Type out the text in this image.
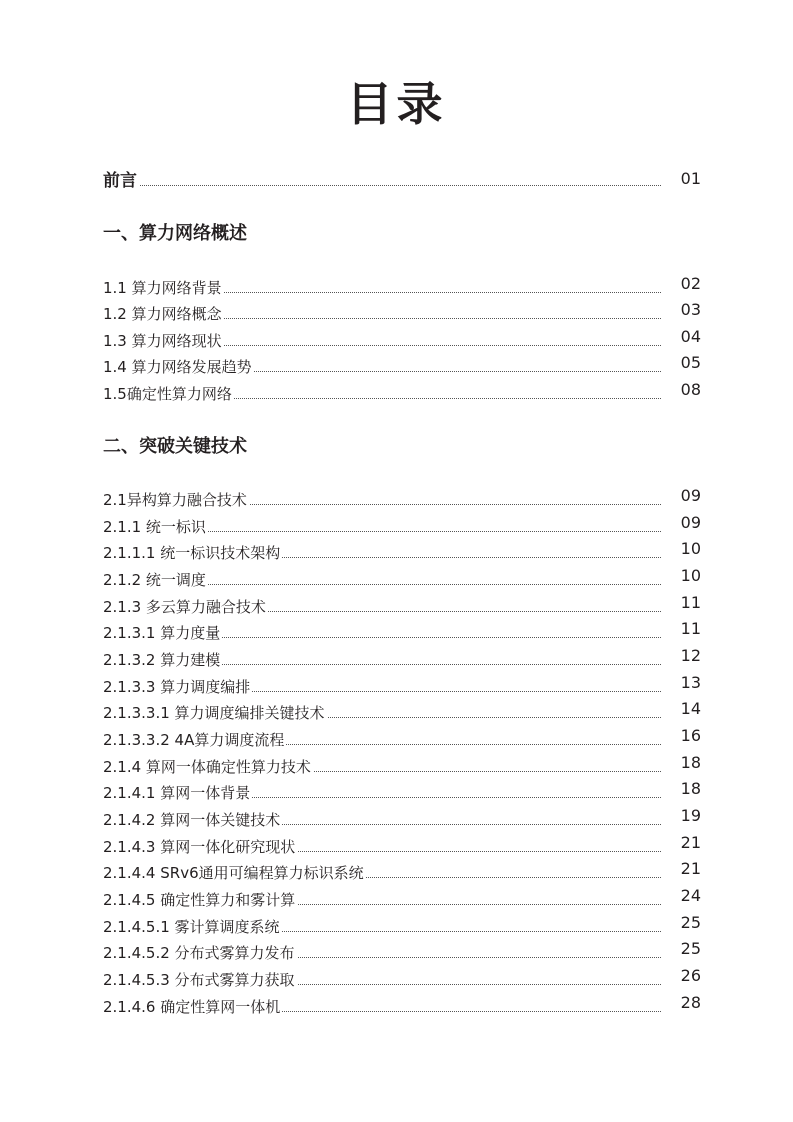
目录
前言	01
一、算力网络概述
1.1 算力网络背景	02
1.2 算力网络概念	03
1.3 算力网络现状	04
1.4 算力网络发展趋势	05
1.5确定性算力网络	08
二、突破关键技术
2.1异构算力融合技术	09
2.1.1 统一标识	09
2.1.1.1 统一标识技术架构	10
2.1.2 统一调度	10
2.1.3 多云算力融合技术	11
2.1.3.1 算力度量	11
2.1.3.2 算力建模	12
2.1.3.3 算力调度编排	13
2.1.3.3.1 算力调度编排关键技术	14
2.1.3.3.2 4A算力调度流程	16
2.1.4 算网一体确定性算力技术	18
2.1.4.1 算网一体背景	18
2.1.4.2 算网一体关键技术	19
2.1.4.3 算网一体化研究现状	21
2.1.4.4 SRv6通用可编程算力标识系统	21
2.1.4.5 确定性算力和雾计算	24
2.1.4.5.1 雾计算调度系统	25
2.1.4.5.2 分布式雾算力发布	25
2.1.4.5.3 分布式雾算力获取	26
2.1.4.6 确定性算网一体机	28
